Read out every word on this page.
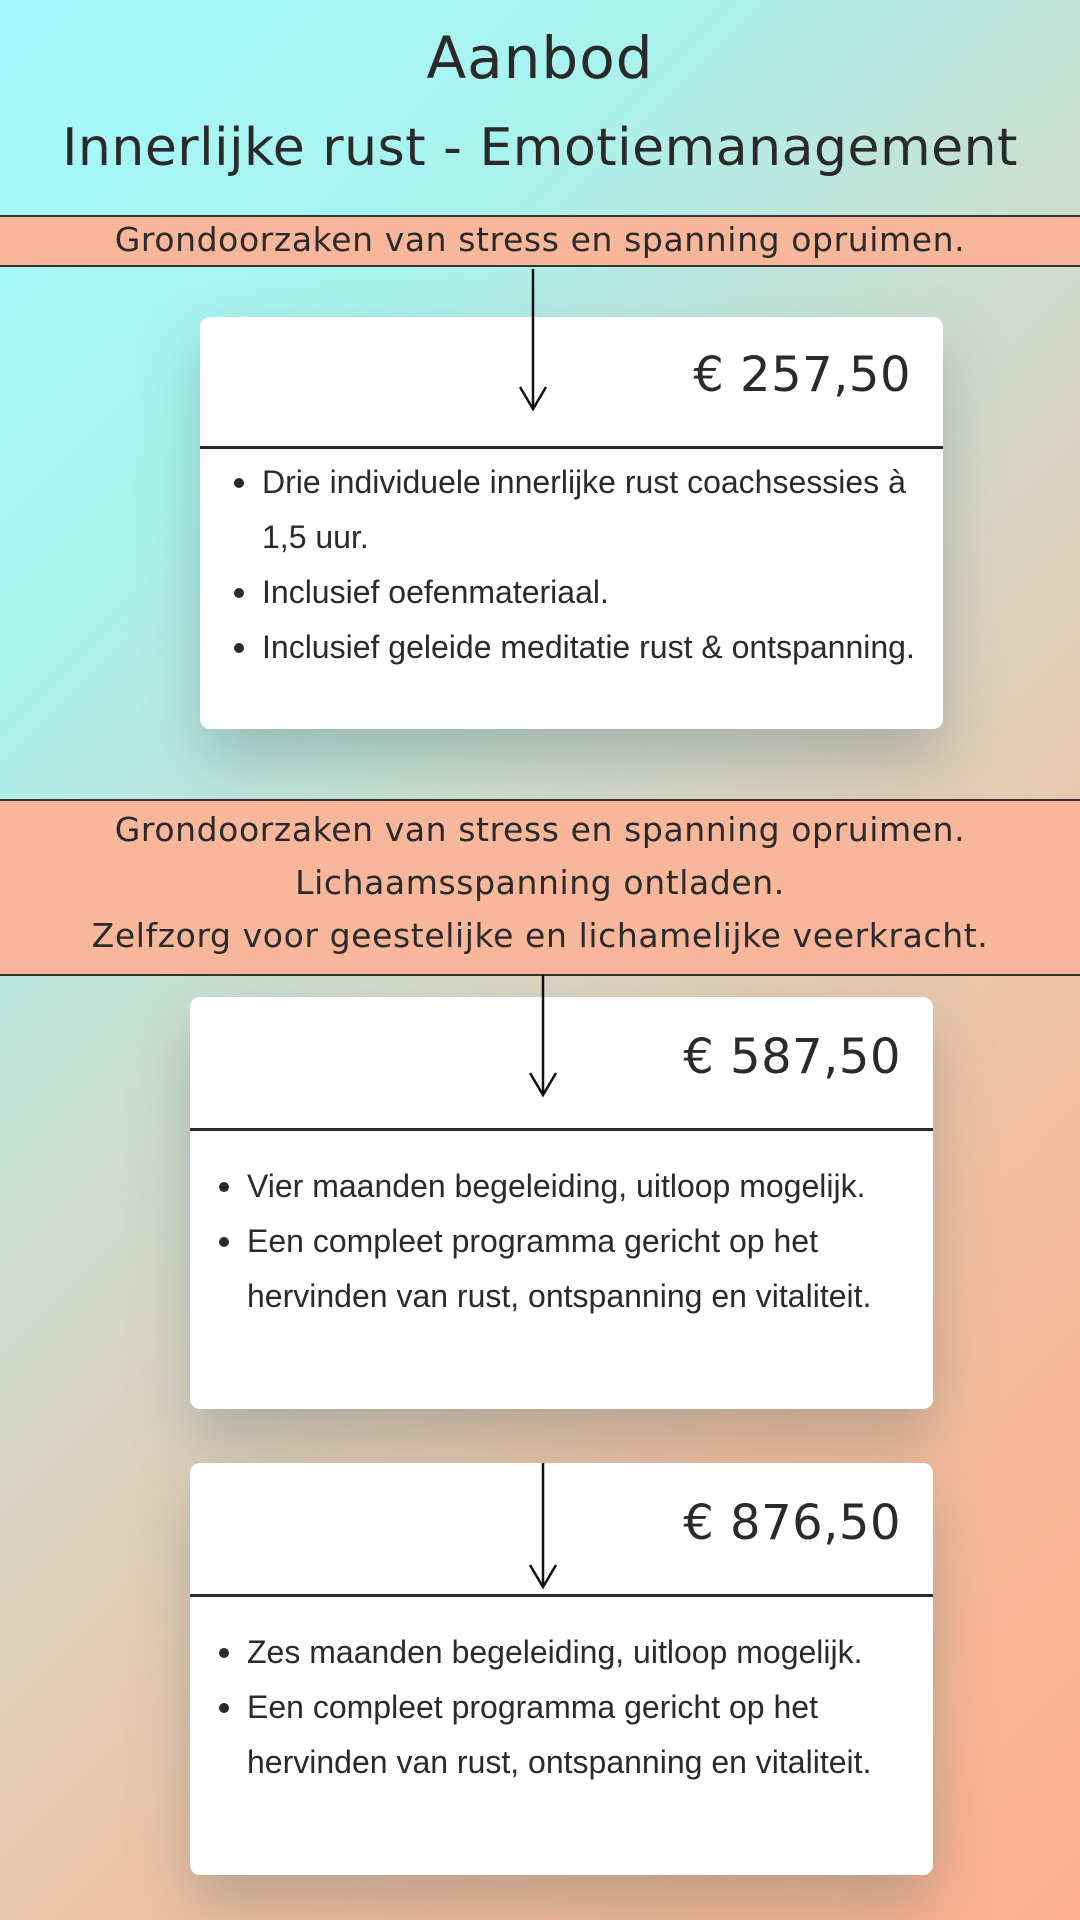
Aanbod
Innerlijke rust - Emotiemanagement
Grondoorzaken van stress en spanning opruimen.
€ 257,50
Drie individuele innerlijke rust coachsessies à 1,5 uur.
Inclusief oefenmateriaal.
Inclusief geleide meditatie rust & ontspanning.
Grondoorzaken van stress en spanning opruimen.
Lichaamsspanning ontladen.
Zelfzorg voor geestelijke en lichamelijke veerkracht.
€ 587,50
Vier maanden begeleiding, uitloop mogelijk.
Een compleet programma gericht op het hervinden van rust, ontspanning en vitaliteit.
€ 876,50
Zes maanden begeleiding, uitloop mogelijk.
Een compleet programma gericht op het hervinden van rust, ontspanning en vitaliteit.
